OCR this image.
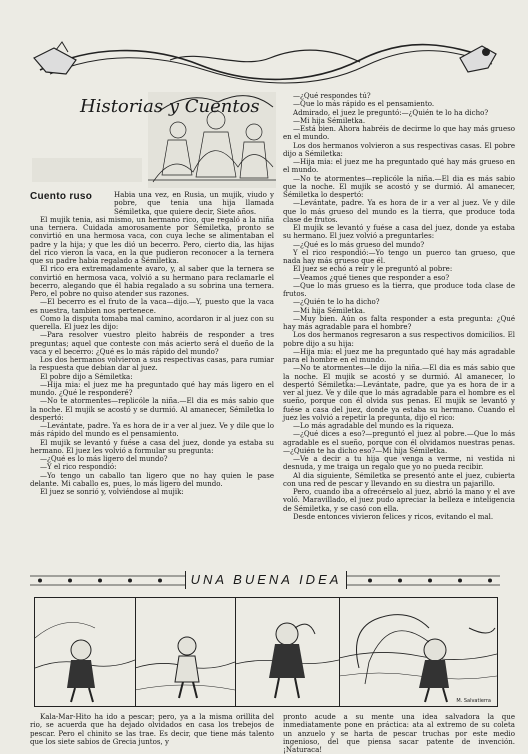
Historias y Cuentos
Cuento ruso	Habia una vez, en Rusia, un mujik, viudo y pobre, que tenia una hija llamada Sémiletka, que quiere decir, Siete años.

El mujik tenia, asi mismo, un hermano rico, que regaló a la niña una ternera. Cuidada amorosamente por Sémiletka, pronto se convirtió en una hermosa vaca, con cuya leche se alimentaban el padre y la hija; y que les dió un becerro. Pero, cierto dia, las hijas del rico vieron la vaca, en la que pudieron reconocer a la ternera que su padre habia regalado a Sémiletka.

El rico era extremadamente avaro, y, al saber que la ternera se convirtió en hermosa vaca, volvió a su hermano para reclamarle el becerro, alegando que él habia regalado a su sobrina una ternera. Pero, el pobre no quiso atender sus razones.

—El becerro es el fruto de la vaca—dijo.—Y, puesto que la vaca es nuestra, tambien nos pertenece.

Como la disputa tomaba mal camino, acordaron ir al juez con su querella. El juez les dijo:

—Para resolver vuestro pleito habréis de responder a tres preguntas; aquel que conteste con más acierto será el dueño de la vaca y el becerro: ¿Qué es lo más rápido del mundo?

Los dos hermanos volvieron a sus respectivas casas, para rumiar la respuesta que debian dar al juez.

El pobre dijo a Sémiletka:

—Hija mia: el juez me ha preguntado qué hay más ligero en el mundo. ¿Qué le responderé?

—No te atormentes—replicóle la niña.—El dia es más sabio que la noche. El mujik se acostó y se durmió. Al amanecer, Sémiletka lo despertó:

—Levántate, padre. Ya es hora de ir a ver al juez. Ve y dile que lo más rápido del mundo es el pensamiento.

El mujik se levantó y fuése a casa del juez, donde ya estaba su hermano. El juez les volvió a formular su pregunta:

—¿Qué es lo más ligero del mundo?

—Y el rico respondió:

—Yo tengo un caballo tan ligero que no hay quien le pase delante. Mi caballo es, pues, lo más ligero del mundo.

El juez se sonrió y, volviéndose al mujik:

—¿Qué respondes tú?

—Que lo más rápido es el pensamiento.

Admirado, el juez le preguntó:—¿Quién te lo ha dicho?

—Mi hija Sémiletka.

—Está bien. Ahora habréis de decirme lo que hay más grueso en el mundo.

Los dos hermanos volvieron a sus respectivas casas. El pobre dijo a Sémiletka:

—Hija mia: el juez me ha preguntado qué hay más grueso en el mundo.

—No te atormentes—replicóle la niña.—El dia es más sabio que la noche. El mujik se acostó y se durmió. Al amanecer, Sémiletka lo despertó:

—Levántate, padre. Ya es hora de ir a ver al juez. Ve y dile que lo más grueso del mundo es la tierra, que produce toda clase de frutos.

El mujik se levantó y fuése a casa del juez, donde ya estaba su hermano. El juez volvió a preguntarles:

—¿Qué es lo más grueso del mundo?

Y el rico respondió:—Yo tengo un puerco tan grueso, que nada hay más grueso que él.

El juez se echó a reir y le preguntó al pobre:

—Veamos ¿qué tienes que responder a eso?

—Que lo más grueso es la tierra, que produce toda clase de frutos.

—¿Quién te lo ha dicho?

—Mi hija Sémiletka.

—Muy bien. Aún os falta responder a esta pregunta: ¿Qué hay más agradable para el hombre?

Los dos hermanos regresaron a sus respectivos domicilios. El pobre dijo a su hija:

—Hija mia: el juez me ha preguntado qué hay más agradable para el hombre en el mundo.

—No te atormentes—le dijo la niña.—El dia es más sabio que la noche. El mujik se acostó y se durmió. Al amanecer, lo despertó Sémiletka:—Levántate, padre, que ya es hora de ir a ver al juez. Ve y dile que lo más agradable para el hombre es el sueño, porque con él olvida sus penas. El mujik se levantó y fuése a casa del juez, donde ya estaba su hermano. Cuando el juez les volvió a repetir la pregunta, dijo el rico:

—Lo más agradable del mundo es la riqueza.

—¿Qué dices a eso?—preguntó el juez al pobre.—Que lo más agradable es el sueño, porque con él olvidamos nuestras penas.—¿Quién te ha dicho eso?—Mi hija Sémiletka.

—Ve a decir a tu hija que venga a verme, ni vestida ni desnuda, y me traiga un regalo que yo no pueda recibir.

Al dia siguiente, Sémiletka se presentó ante el juez, cubierta con una red de pescar y llevando en su diestra un pajarillo.

Pero, cuando iba a ofrecérselo al juez, abrió la mano y el ave voló. Maravillado, el juez pudo apreciar la belleza e inteligencia de Sémiletka, y se casó con ella.

Desde entonces vivieron felices y ricos, evitando el mal.

UNA BUENA IDEA
M. Salvatierra

Kala-Mar-Hito ha ido a pescar; pero, ya a la misma orillita del rio, se acuerda que ha dejado olvidados en casa los trebejos de pescar. Pero el chinito se las trae. Es decir, que tiene más talento que los siete sabios de Grecia juntos, y

pronto acude a su mente una idea salvadora la que inmediatamente pone en práctica: ata al extremo de su coleta un anzuelo y se harta de pescar truchas por este medio ingenioso, del que piensa sacar patente de invención. ¡Naturaca!
